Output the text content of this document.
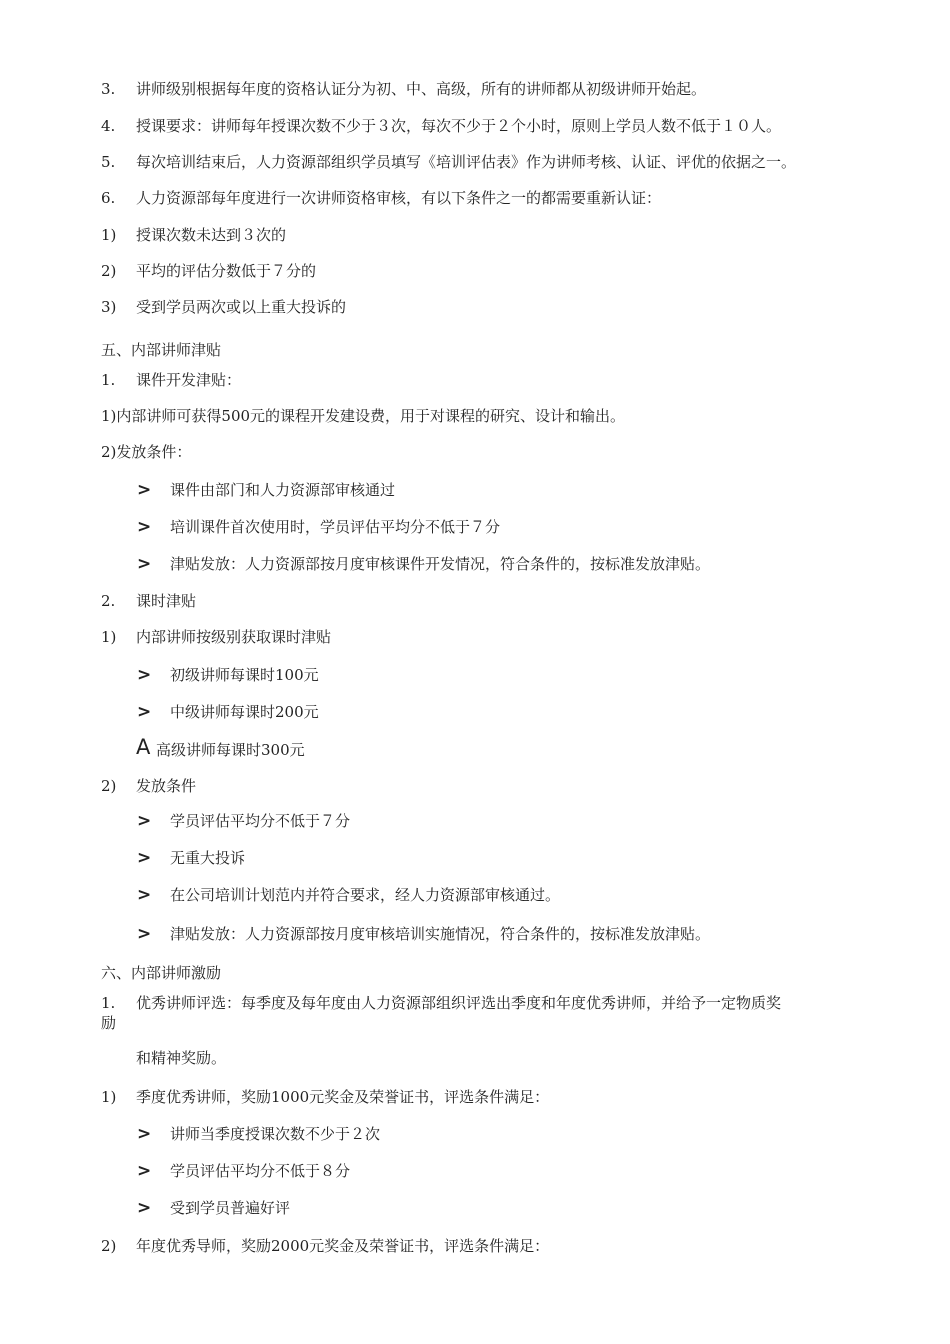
3.	讲师级别根据每年度的资格认证分为初、中、高级，所有的讲师都从初级讲师开始起。
4.	授课要求：讲师每年授课次数不少于３次，每次不少于２个小时，原则上学员人数不低于１０人。
5.	每次培训结束后，人力资源部组织学员填写《培训评估表》作为讲师考核、认证、评优的依据之一。
6.	人力资源部每年度进行一次讲师资格审核，有以下条件之一的都需要重新认证：
1)	授课次数未达到３次的
2)	平均的评估分数低于７分的
3)	受到学员两次或以上重大投诉的
五、内部讲师津贴
1.	课件开发津贴：
1)内部讲师可获得500元的课程开发建设费，用于对课程的研究、设计和输出。
2)发放条件：
> 课件由部门和人力资源部审核通过
> 培训课件首次使用时，学员评估平均分不低于７分
> 津贴发放：人力资源部按月度审核课件开发情况，符合条件的，按标准发放津贴。
2.	课时津贴
1)	内部讲师按级别获取课时津贴
> 初级讲师每课时100元
> 中级讲师每课时200元
A 高级讲师每课时300元
2)	发放条件
> 学员评估平均分不低于７分
> 无重大投诉
> 在公司培训计划范内并符合要求，经人力资源部审核通过。
> 津贴发放：人力资源部按月度审核培训实施情况，符合条件的，按标准发放津贴。
六、内部讲师激励
1.	优秀讲师评选：每季度及每年度由人力资源部组织评选出季度和年度优秀讲师，并给予一定物质奖
励
和精神奖励。
1)	季度优秀讲师，奖励1000元奖金及荣誉证书，评选条件满足：
> 讲师当季度授课次数不少于２次
> 学员评估平均分不低于８分
> 受到学员普遍好评
2)	年度优秀导师，奖励2000元奖金及荣誉证书，评选条件满足：
